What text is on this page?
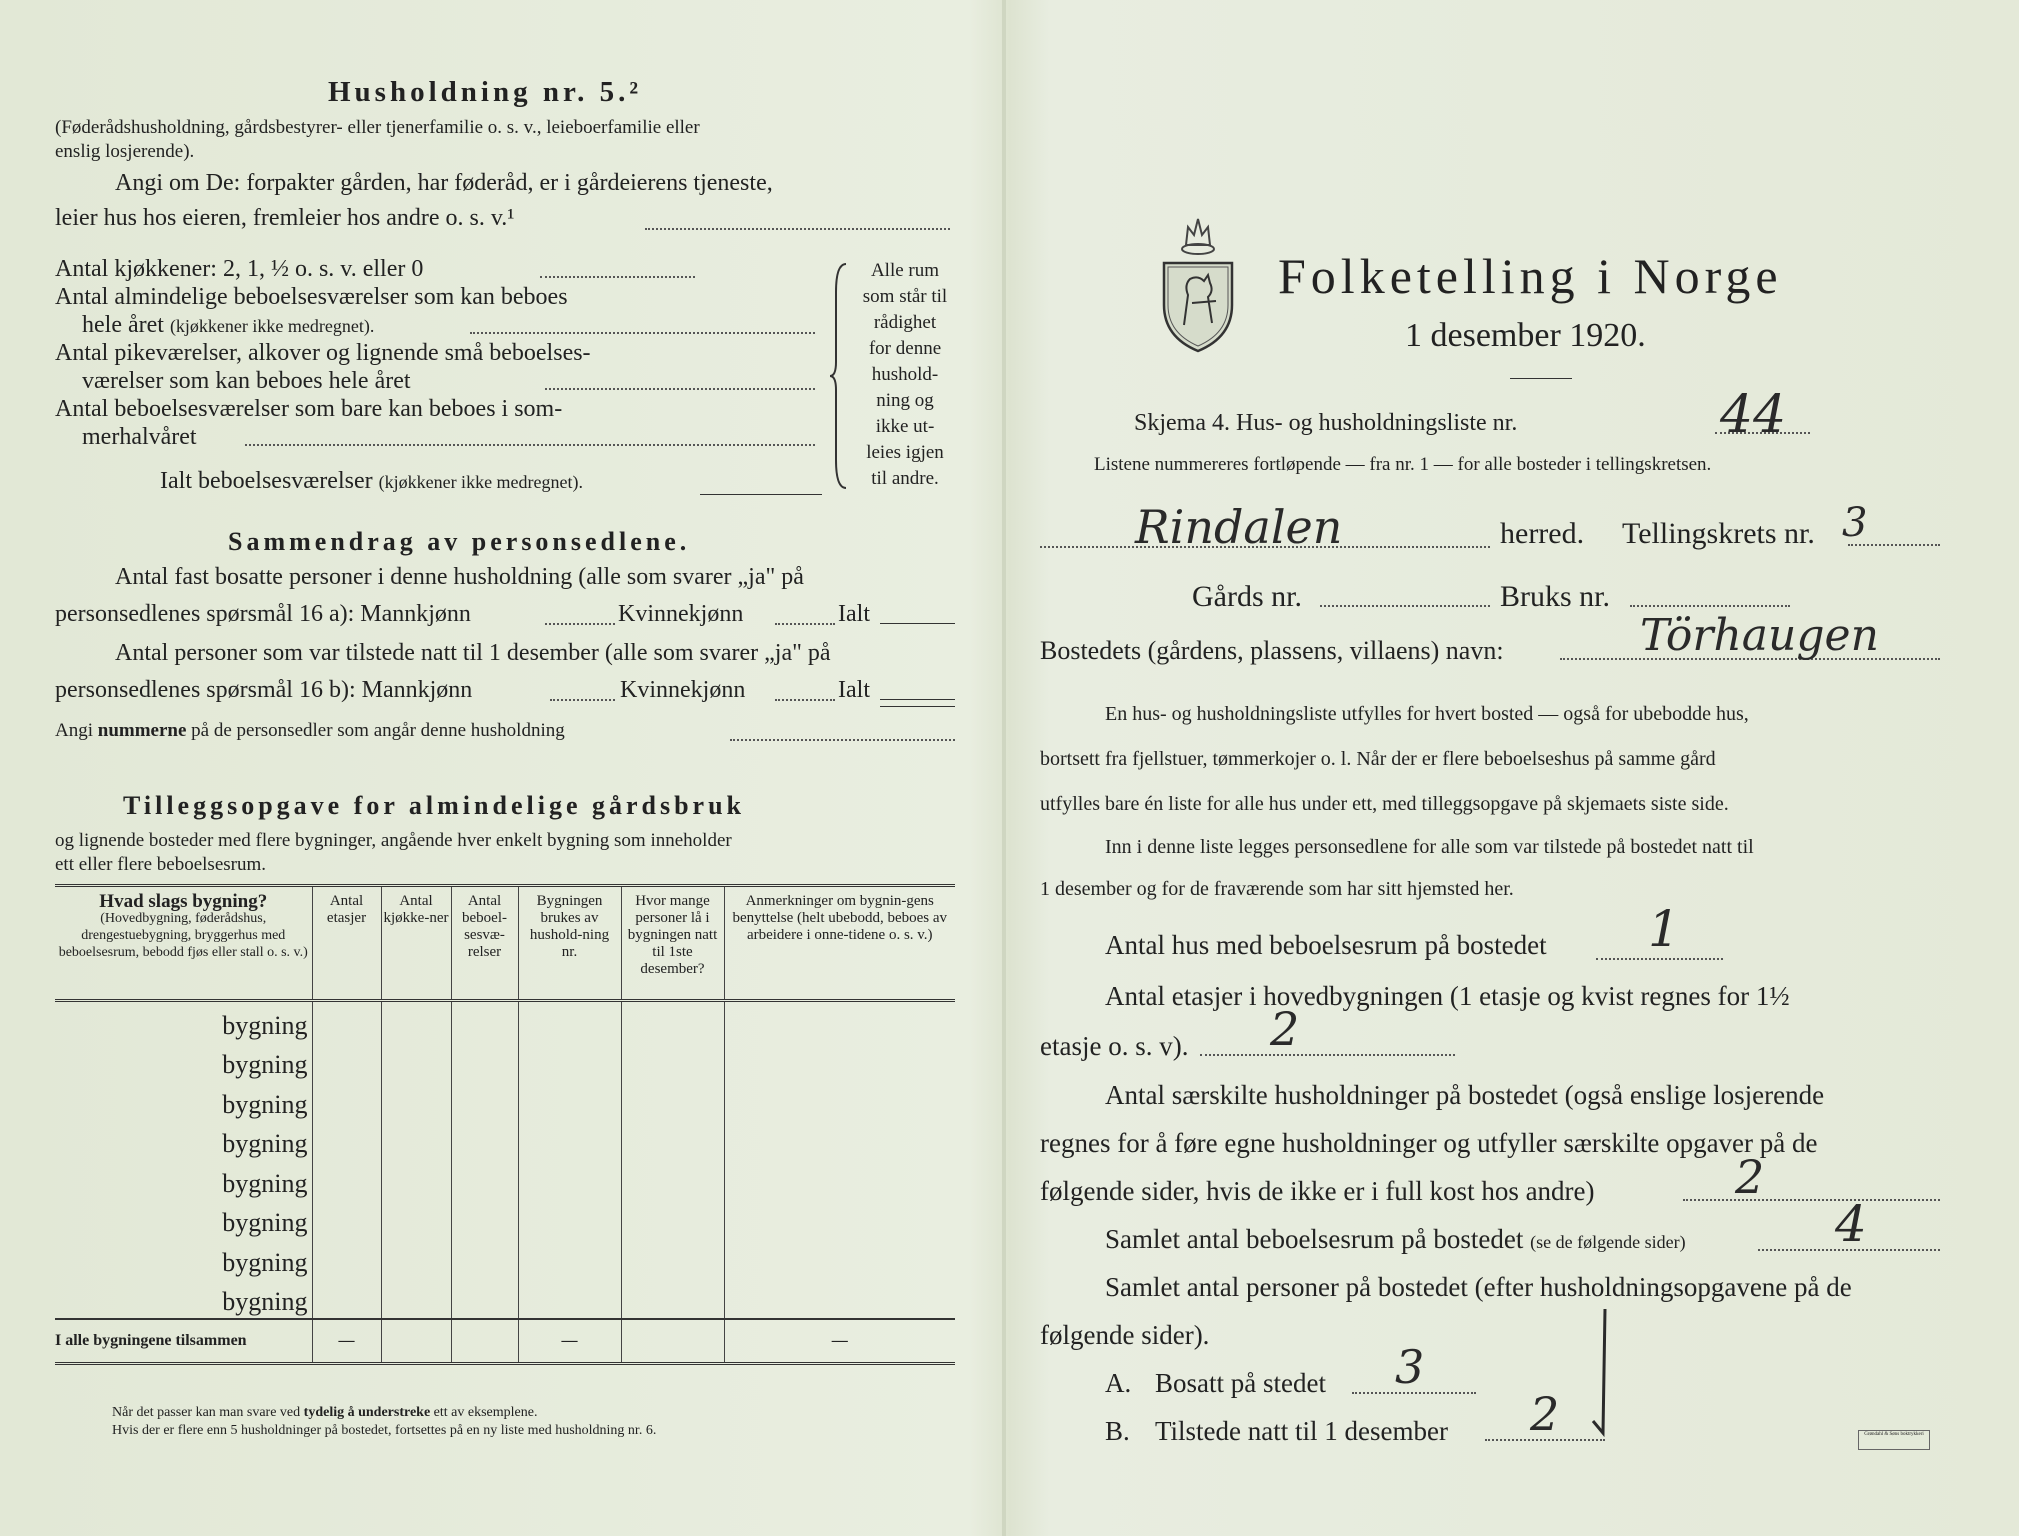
Husholdning nr. 5.²
(Føderådshusholdning, gårdsbestyrer- eller tjenerfamilie o. s. v., leieboerfamilie eller
enslig losjerende).
Angi om De: forpakter gården, har føderåd, er i gårdeierens tjeneste,
leier hus hos eieren, fremleier hos andre o. s. v.¹
Antal kjøkkener: 2, 1, ½ o. s. v. eller 0
Antal almindelige beboelsesværelser som kan beboes
hele året (kjøkkener ikke medregnet).
Antal pikeværelser, alkover og lignende små beboelses-
værelser som kan beboes hele året
Antal beboelsesværelser som bare kan beboes i som-
merhalvåret
Ialt beboelsesværelser (kjøkkener ikke medregnet).
Alle rum
som står til
rådighet
for denne
hushold-
ning og
ikke ut-
leies igjen
til andre.
Sammendrag av personsedlene.
Antal fast bosatte personer i denne husholdning (alle som svarer „ja" på
personsedlenes spørsmål 16 a): Mannkjønn	Kvinnekjønn	Ialt
Antal personer som var tilstede natt til 1 desember (alle som svarer „ja" på
personsedlenes spørsmål 16 b): Mannkjønn	Kvinnekjønn	Ialt
Angi nummerne på de personsedler som angår denne husholdning
Tilleggsopgave for almindelige gårdsbruk
og lignende bosteder med flere bygninger, angående hver enkelt bygning som inneholder
ett eller flere beboelsesrum.
Hvad slags bygning?
(Hovedbygning, føderådshus, drengestuebygning, bryggerhus med beboelsesrum, bebodd fjøs eller stall o. s. v.)	Antal etasjer	Antal kjøkke-ner	Antal beboel-sesvæ-relser	Bygningen brukes av hushold-ning nr.	Hvor mange personer lå i bygningen natt til 1ste desember?	Anmerkninger om bygnin-gens benyttelse (helt ubebodd, beboes av arbeidere i onne-tidene o. s. v.)
bygning						
bygning						
bygning						
bygning						
bygning						
bygning						
bygning						
bygning						
I alle bygningene tilsammen	—			—		—
Når det passer kan man svare ved tydelig å understreke ett av eksemplene.
Hvis der er flere enn 5 husholdninger på bostedet, fortsettes på en ny liste med husholdning nr. 6.
Folketelling i Norge
1 desember 1920.
Skjema 4. Hus- og husholdningsliste nr.	44
Listene nummereres fortløpende — fra nr. 1 — for alle bosteder i tellingskretsen.
Rindalen	herred. Tellingskrets nr. 3
Gårds nr.	Bruks nr.
Bostedets (gårdens, plassens, villaens) navn:	Törhaugen
En hus- og husholdningsliste utfylles for hvert bosted — også for ubebodde hus,
bortsett fra fjellstuer, tømmerkojer o. l. Når der er flere beboelseshus på samme gård
utfylles bare én liste for alle hus under ett, med tilleggsopgave på skjemaets siste side.
Inn i denne liste legges personsedlene for alle som var tilstede på bostedet natt til
1 desember og for de fraværende som har sitt hjemsted her.
Antal hus med beboelsesrum på bostedet 1
Antal etasjer i hovedbygningen (1 etasje og kvist regnes for 1½
etasje o. s. v). 2
Antal særskilte husholdninger på bostedet (også enslige losjerende
regnes for å føre egne husholdninger og utfyller særskilte opgaver på de
følgende sider, hvis de ikke er i full kost hos andre)	2
Samlet antal beboelsesrum på bostedet (se de følgende sider)	4
Samlet antal personer på bostedet (efter husholdningsopgavene på de
følgende sider).
A. Bosatt på stedet 3
B. Tilstede natt til 1 desember 2	Grøndahl & Søns boktrykkeri
